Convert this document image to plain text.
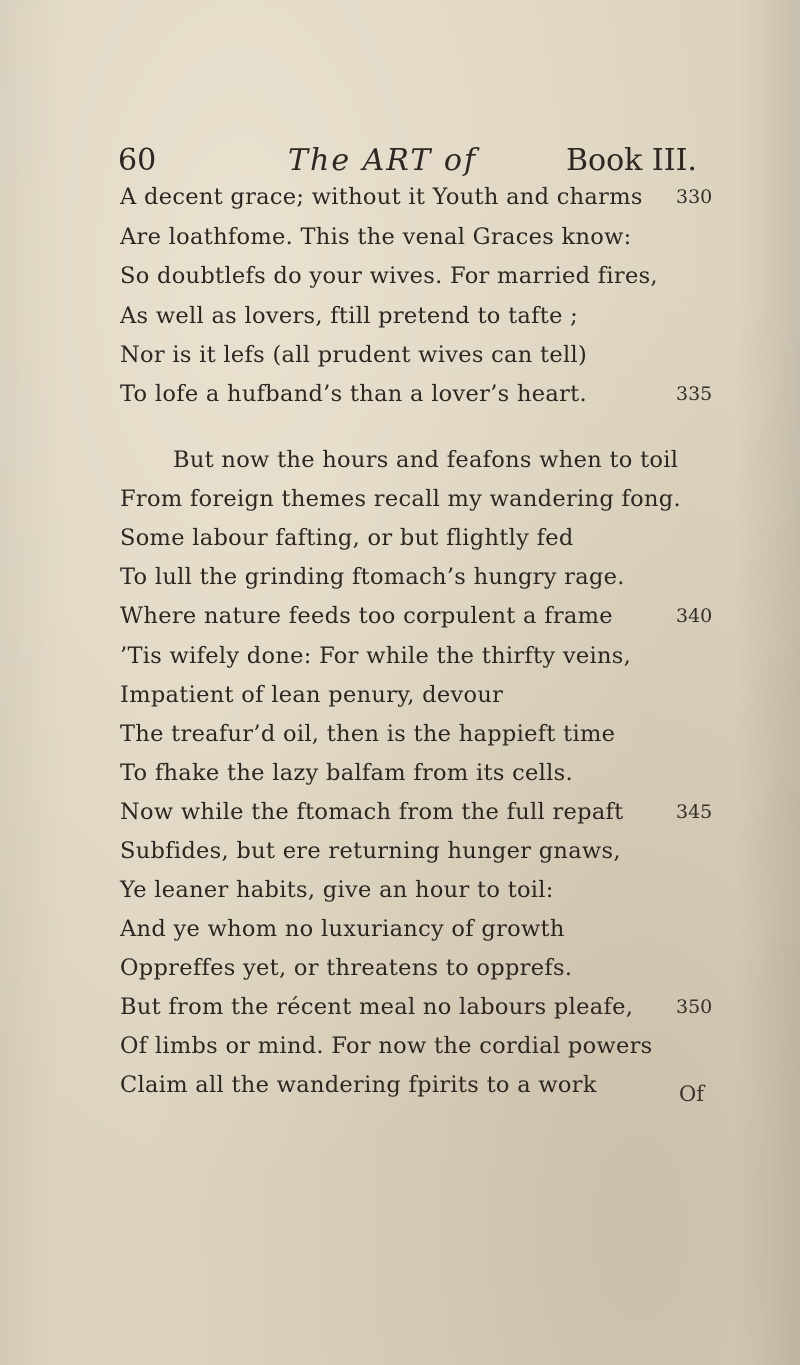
60	The ART of	Book III.
A decent grace; without it Youth and charms
Are loathfome. This the venal Graces know:
So doubtlefs do your wives. For married fires,
As well as lovers, ftill pretend to tafte ;
Nor is it lefs (all prudent wives can tell)
To lofe a hufband’s than a lover’s heart.
But now the hours and feafons when to toil
From foreign themes recall my wandering fong.
Some labour fafting, or but flightly fed
To lull the grinding ftomach’s hungry rage.
Where nature feeds too corpulent a frame
’Tis wifely done: For while the thirfty veins,
Impatient of lean penury, devour
The treafur’d oil, then is the happieft time
To fhake the lazy balfam from its cells.
Now while the ftomach from the full repaft
Subfides, but ere returning hunger gnaws,
Ye leaner habits, give an hour to toil:
And ye whom no luxuriancy of growth
Oppreffes yet, or threatens to opprefs.
But from the récent meal no labours pleafe,
Of limbs or mind. For now the cordial powers
Claim all the wandering fpirits to a work
330
335
340
345
350
Of
